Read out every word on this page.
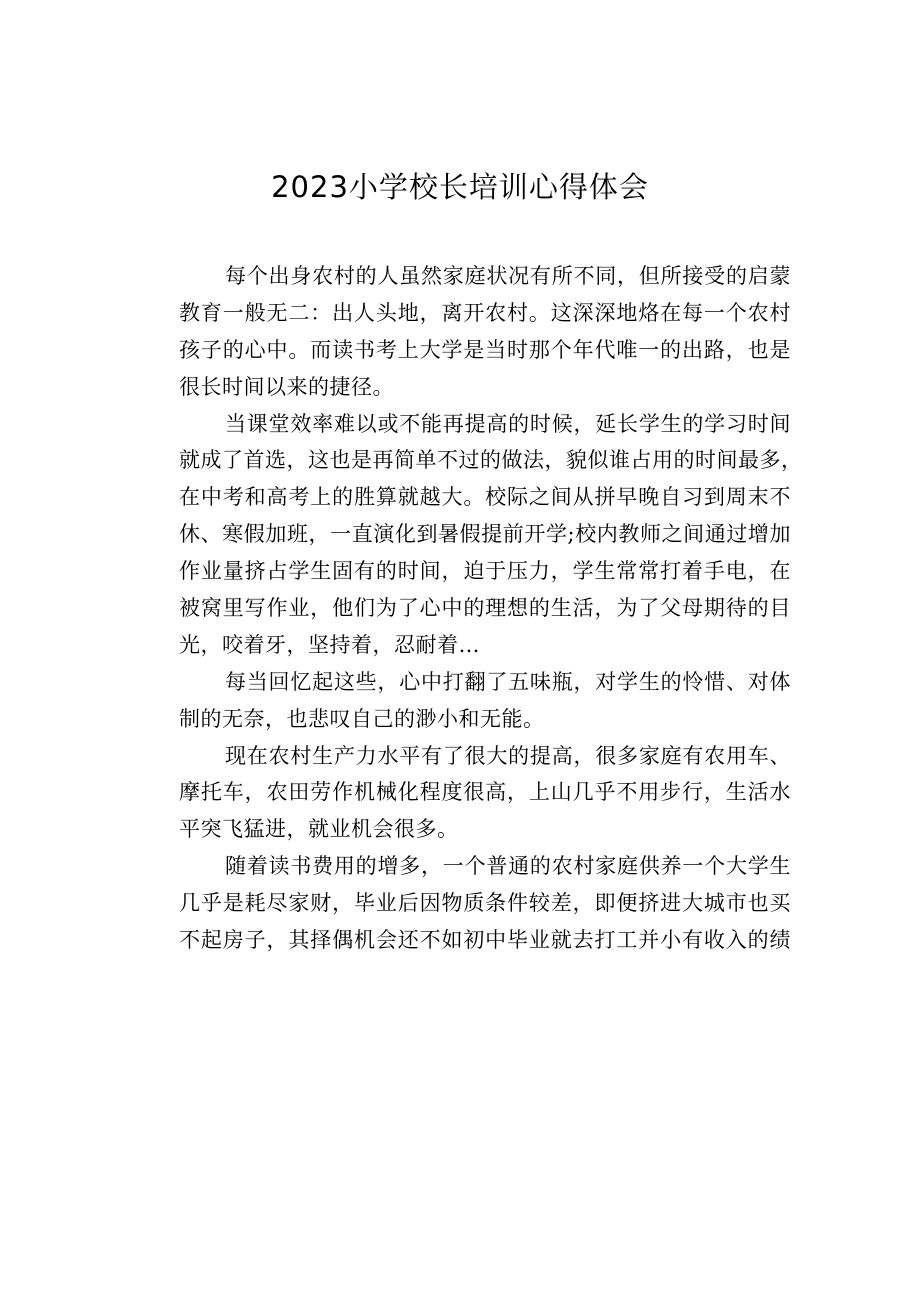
2023小学校长培训心得体会
每个出身农村的人虽然家庭状况有所不同，但所接受的启蒙
教育一般无二：出人头地，离开农村。这深深地烙在每一个农村
孩子的心中。而读书考上大学是当时那个年代唯一的出路，也是
很长时间以来的捷径。
当课堂效率难以或不能再提高的时候，延长学生的学习时间
就成了首选，这也是再简单不过的做法，貌似谁占用的时间最多，
在中考和高考上的胜算就越大。校际之间从拼早晚自习到周末不
休、寒假加班，一直演化到暑假提前开学;校内教师之间通过增加
作业量挤占学生固有的时间，迫于压力，学生常常打着手电，在
被窝里写作业，他们为了心中的理想的生活，为了父母期待的目
光，咬着牙，坚持着，忍耐着…
每当回忆起这些，心中打翻了五味瓶，对学生的怜惜、对体
制的无奈，也悲叹自己的渺小和无能。
现在农村生产力水平有了很大的提高，很多家庭有农用车、
摩托车，农田劳作机械化程度很高，上山几乎不用步行，生活水
平突飞猛进，就业机会很多。
随着读书费用的增多，一个普通的农村家庭供养一个大学生
几乎是耗尽家财，毕业后因物质条件较差，即便挤进大城市也买
不起房子，其择偶机会还不如初中毕业就去打工并小有收入的绩
